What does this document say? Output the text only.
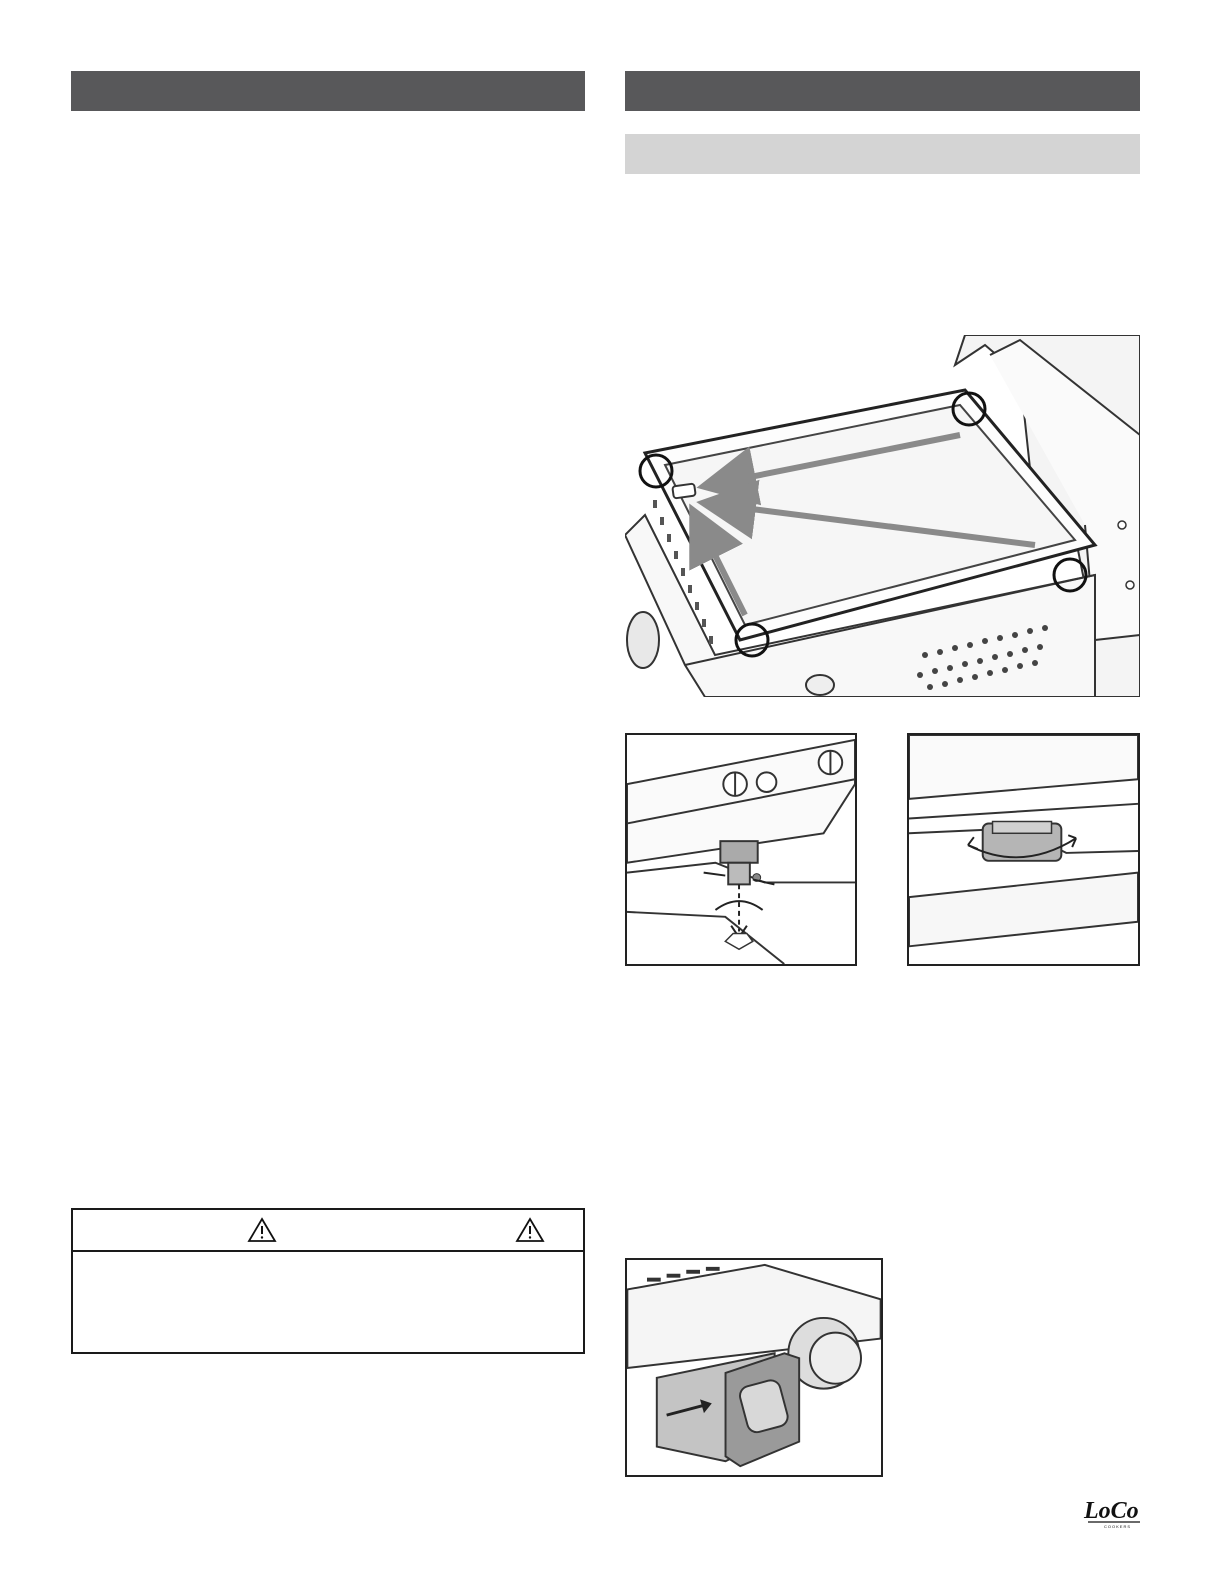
LoCo
COOKERS
